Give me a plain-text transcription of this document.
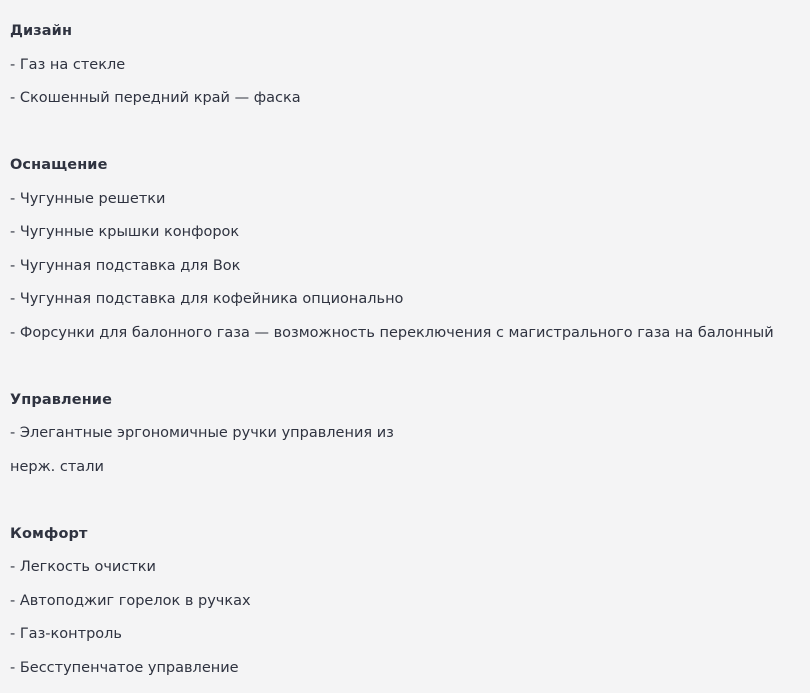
Дизайн
- Газ на стекле
- Скошенный передний край — фаска
Оснащение
- Чугунные решетки
- Чугунные крышки конфорок
- Чугунная подставка для Вок
- Чугунная подставка для кофейника опционально
- Форсунки для балонного газа — возможность переключения с магистрального газа на балонный
Управление
- Элегантные эргономичные ручки управления из
нерж. стали
Комфорт
- Легкость очистки
- Автоподжиг горелок в ручках
- Газ-контроль
- Бесступенчатое управление
